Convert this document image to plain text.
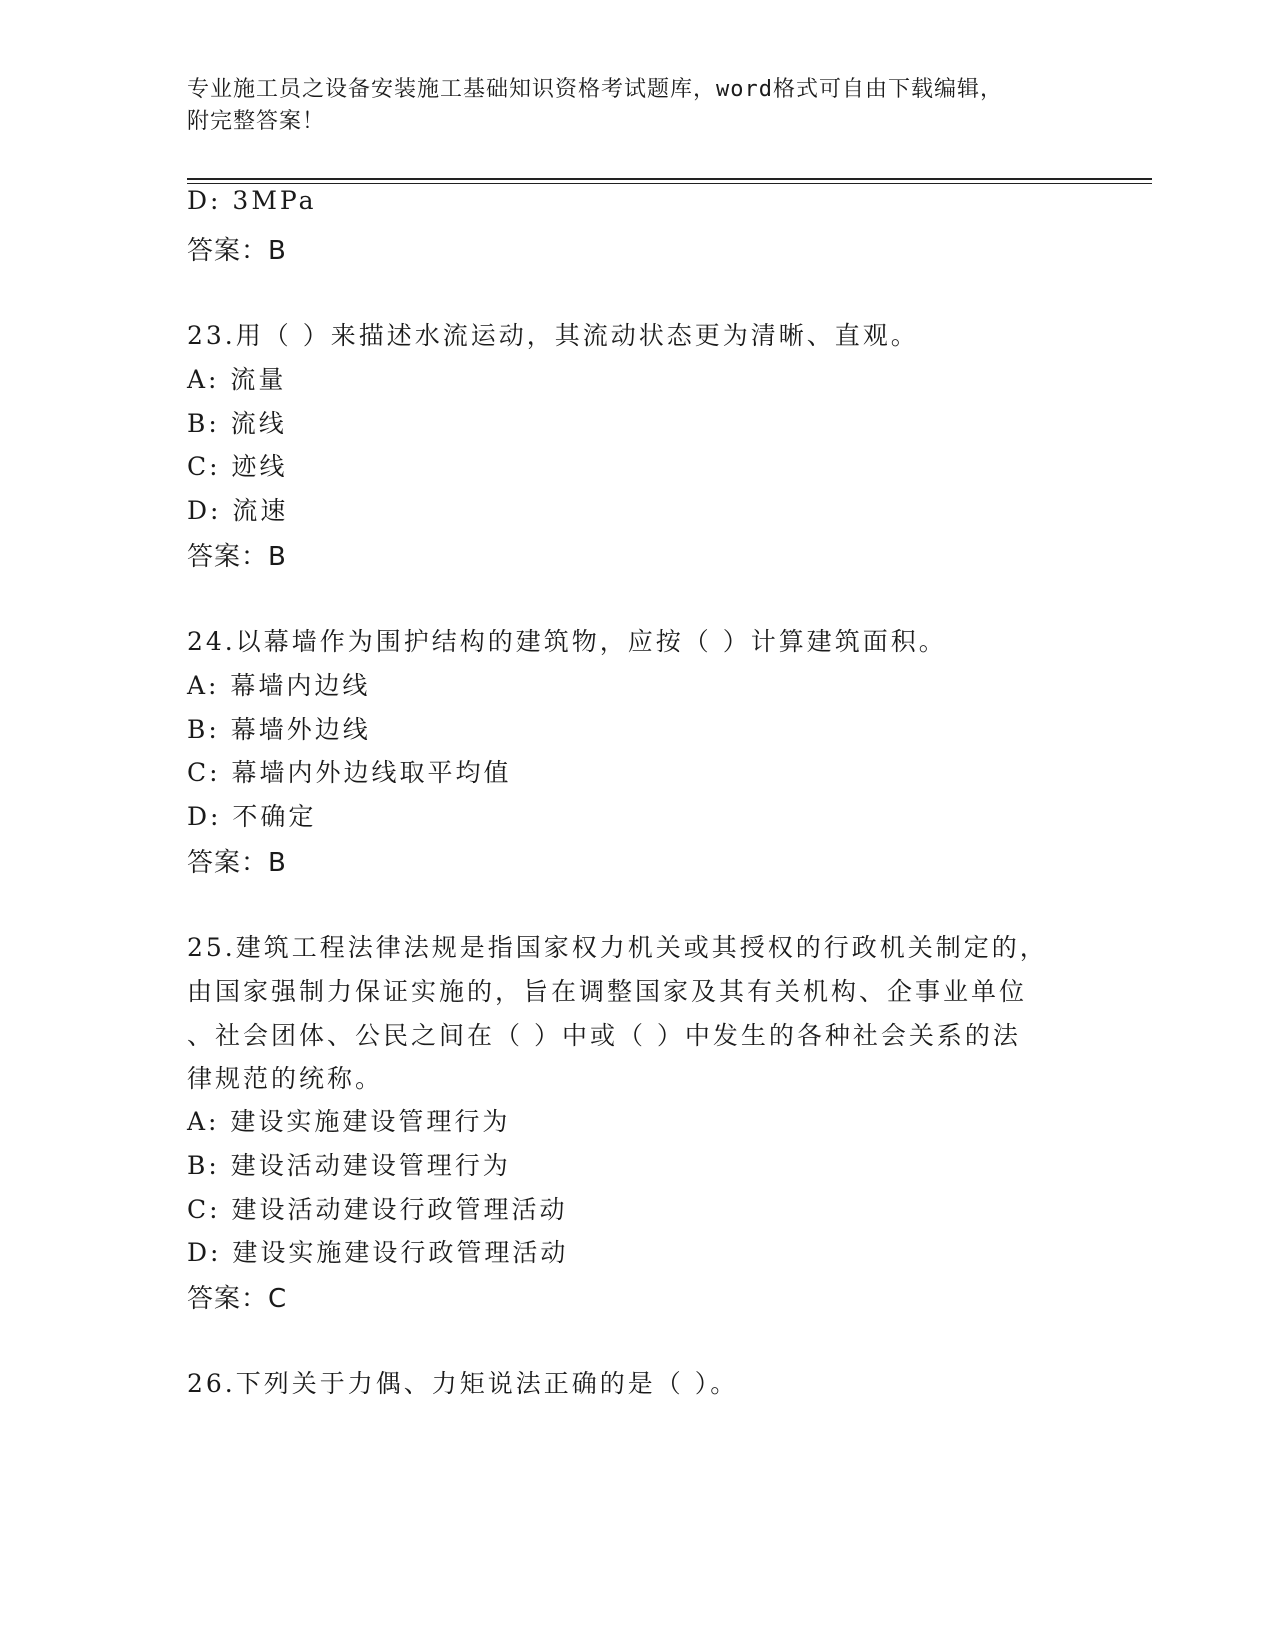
专业施工员之设备安装施工基础知识资格考试题库，word格式可自由下载编辑，
附完整答案！
D: 3MPa
答案：B
23.用（ ）来描述水流运动，其流动状态更为清晰、直观。
A: 流量
B: 流线
C: 迹线
D: 流速
答案：B
24.以幕墙作为围护结构的建筑物，应按（ ）计算建筑面积。
A: 幕墙内边线
B: 幕墙外边线
C: 幕墙内外边线取平均值
D: 不确定
答案：B
25.建筑工程法律法规是指国家权力机关或其授权的行政机关制定的，
由国家强制力保证实施的，旨在调整国家及其有关机构、企事业单位
、社会团体、公民之间在（ ）中或（ ）中发生的各种社会关系的法
律规范的统称。
A: 建设实施建设管理行为
B: 建设活动建设管理行为
C: 建设活动建设行政管理活动
D: 建设实施建设行政管理活动
答案：C
26.下列关于力偶、力矩说法正确的是（ ）。
